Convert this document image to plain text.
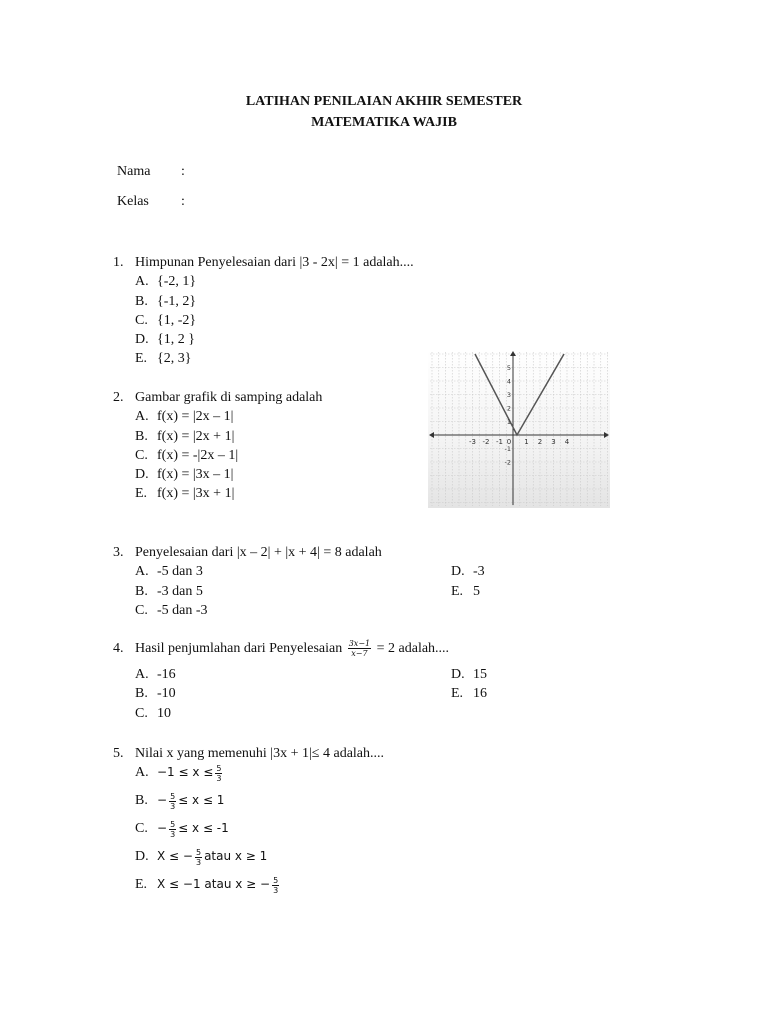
LATIHAN PENILAIAN AKHIR SEMESTER
MATEMATIKA WAJIB
Nama :
Kelas :
1. Himpunan Penyelesaian dari |3 - 2x| = 1 adalah....
A. {-2, 1}
B. {-1, 2}
C. {1, -2}
D. {1, 2 }
E. {2, 3}
2. Gambar grafik di samping adalah
A. f(x) = |2x – 1|
B. f(x) = |2x + 1|
C. f(x) = -|2x – 1|
D. f(x) = |3x – 1|
E. f(x) = |3x + 1|
-3 -2 -1 0 1 2 3 4
1
2
3
4
5
-1
-2
3. Penyelesaian dari |x – 2| + |x + 4| = 8 adalah
A. -5 dan 3
B. -3 dan 5
C. -5 dan -3
D. -3
E. 5
4. Hasil penjumlahan dari Penyelesaian $\frac{3x-1}{x-7} = 2$ adalah....
A. -16
B. -10
C. 10
D. 15
E. 16
5. Nilai x yang memenuhi |3x + 1|≤ 4 adalah....
A. $-1 \le x \le \frac{5}{3}$
B. − $\frac{5}{3} \le x \le 1$
C. − $\frac{5}{3} \le x \le -1$
D. X ≤ − $\frac{5}{3}$ atau x ≥ 1
E. X ≤ −1 atau x ≥ − $\frac{5}{3}$
